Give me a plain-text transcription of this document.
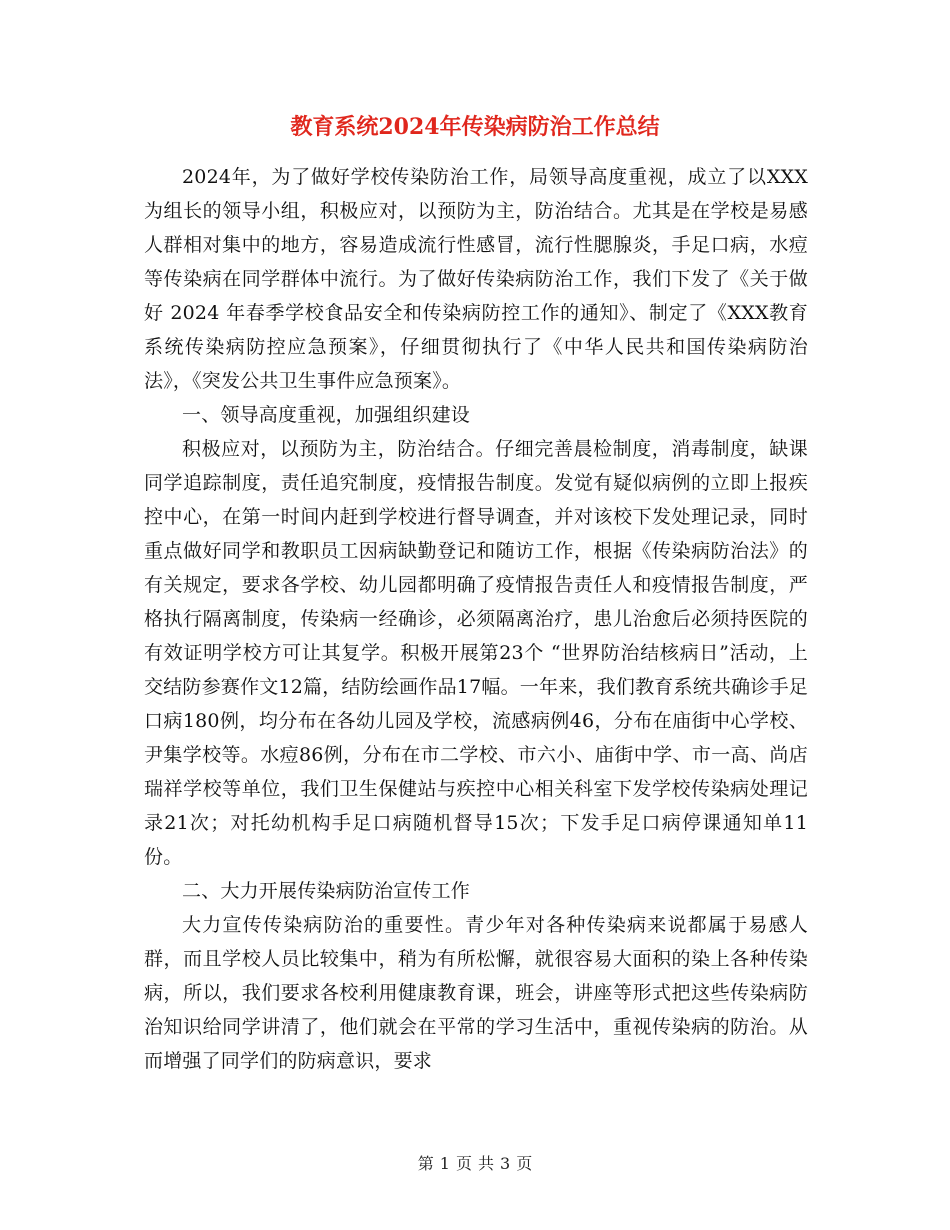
教育系统2024年传染病防治工作总结

2024年，为了做好学校传染防治工作，局领导高度重视，成立了以XXX为组长的领导小组，积极应对，以预防为主，防治结合。尤其是在学校是易感人群相对集中的地方，容易造成流行性感冒，流行性腮腺炎，手足口病，水痘等传染病在同学群体中流行。为了做好传染病防治工作，我们下发了《关于做好 2024 年春季学校食品安全和传染病防控工作的通知》、制定了《XXX教育系统传染病防控应急预案》，仔细贯彻执行了《中华人民共和国传染病防治法》，《突发公共卫生事件应急预案》。

一、领导高度重视，加强组织建设

积极应对，以预防为主，防治结合。仔细完善晨检制度，消毒制度，缺课同学追踪制度，责任追究制度，疫情报告制度。发觉有疑似病例的立即上报疾控中心，在第一时间内赶到学校进行督导调查，并对该校下发处理记录，同时重点做好同学和教职员工因病缺勤登记和随访工作，根据《传染病防治法》的有关规定，要求各学校、幼儿园都明确了疫情报告责任人和疫情报告制度，严格执行隔离制度，传染病一经确诊，必须隔离治疗，患儿治愈后必须持医院的有效证明学校方可让其复学。积极开展第23个 “世界防治结核病日”活动，上交结防参赛作文12篇，结防绘画作品17幅。一年来，我们教育系统共确诊手足口病180例，均分布在各幼儿园及学校，流感病例46，分布在庙街中心学校、尹集学校等。水痘86例，分布在市二学校、市六小、庙街中学、市一高、尚店瑞祥学校等单位，我们卫生保健站与疾控中心相关科室下发学校传染病处理记录21次；对托幼机构手足口病随机督导15次；下发手足口病停课通知单11份。

二、大力开展传染病防治宣传工作

大力宣传传染病防治的重要性。青少年对各种传染病来说都属于易感人群，而且学校人员比较集中，稍为有所松懈，就很容易大面积的染上各种传染病，所以，我们要求各校利用健康教育课，班会，讲座等形式把这些传染病防治知识给同学讲清了，他们就会在平常的学习生活中，重视传染病的防治。从而增强了同学们的防病意识，要求

第 1 页 共 3 页
